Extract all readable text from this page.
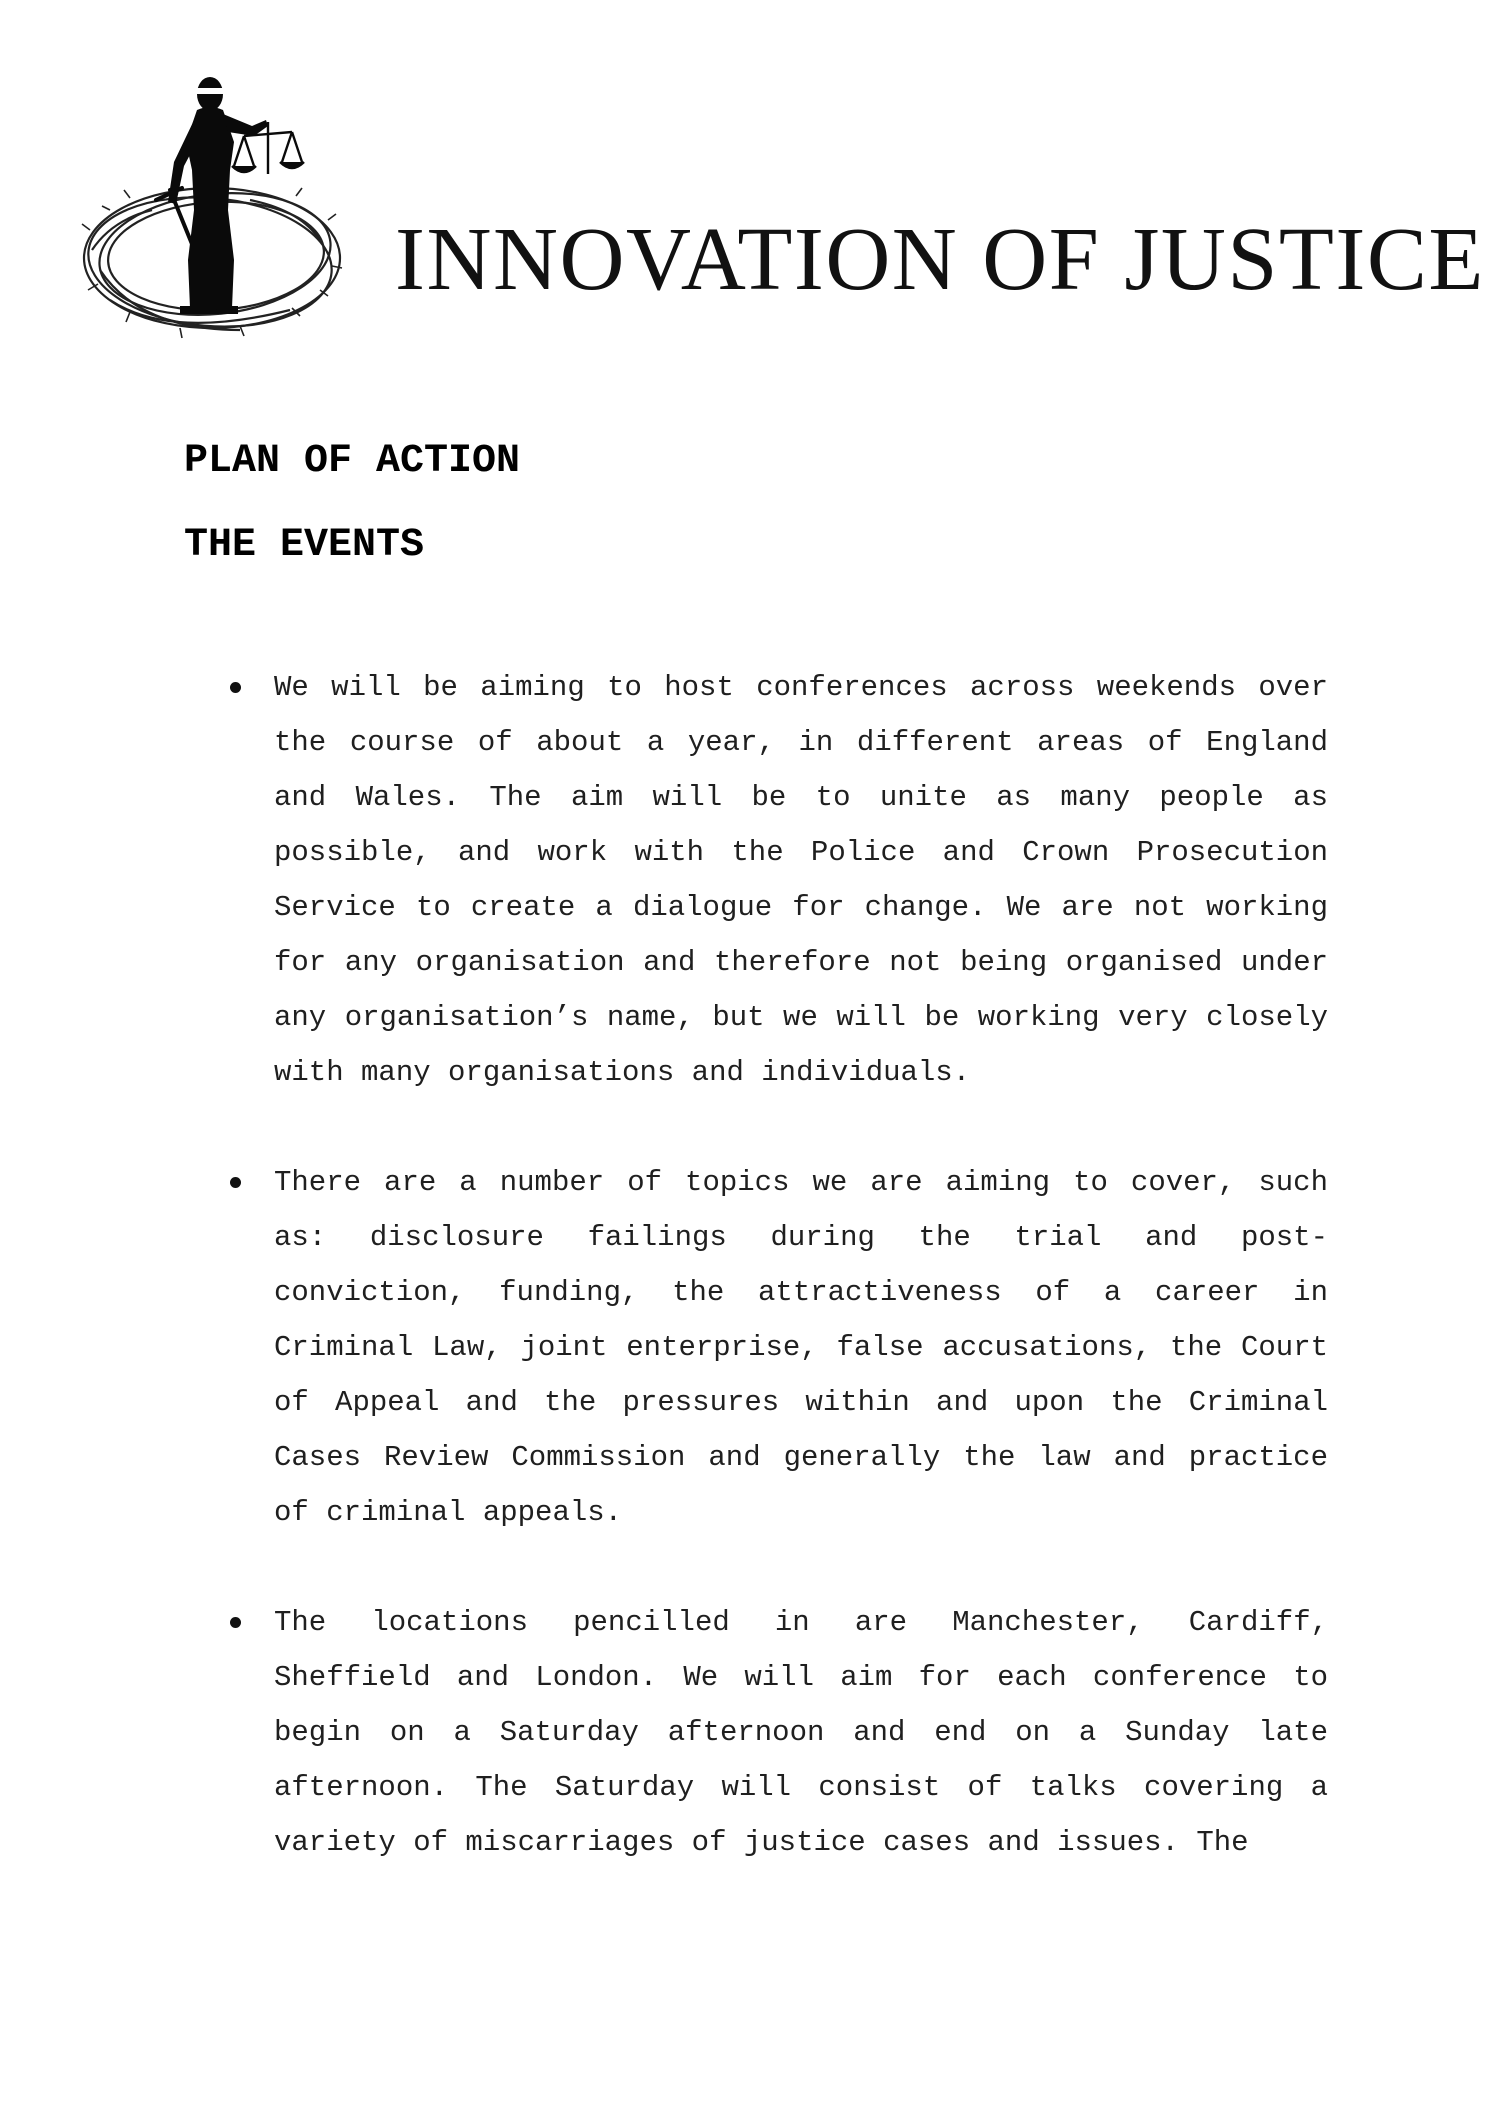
INNOVATION OF JUSTICE
PLAN OF ACTION
THE EVENTS
We will be aiming to host conferences across weekends over the course of about a year, in different areas of England and Wales. The aim will be to unite as many people as possible, and work with the Police and Crown Prosecution Service to create a dialogue for change. We are not working for any organisation and therefore not being organised under any organisation’s name, but we will be working very closely with many organisations and individuals.
There are a number of topics we are aiming to cover, such as: disclosure failings during the trial and post-conviction, funding, the attractiveness of a career in Criminal Law, joint enterprise, false accusations, the Court of Appeal and the pressures within and upon the Criminal Cases Review Commission and generally the law and practice of criminal appeals.
The locations pencilled in are Manchester, Cardiff, Sheffield and London. We will aim for each conference to begin on a Saturday afternoon and end on a Sunday late afternoon. The Saturday will consist of talks covering a variety of miscarriages of justice cases and issues. The
